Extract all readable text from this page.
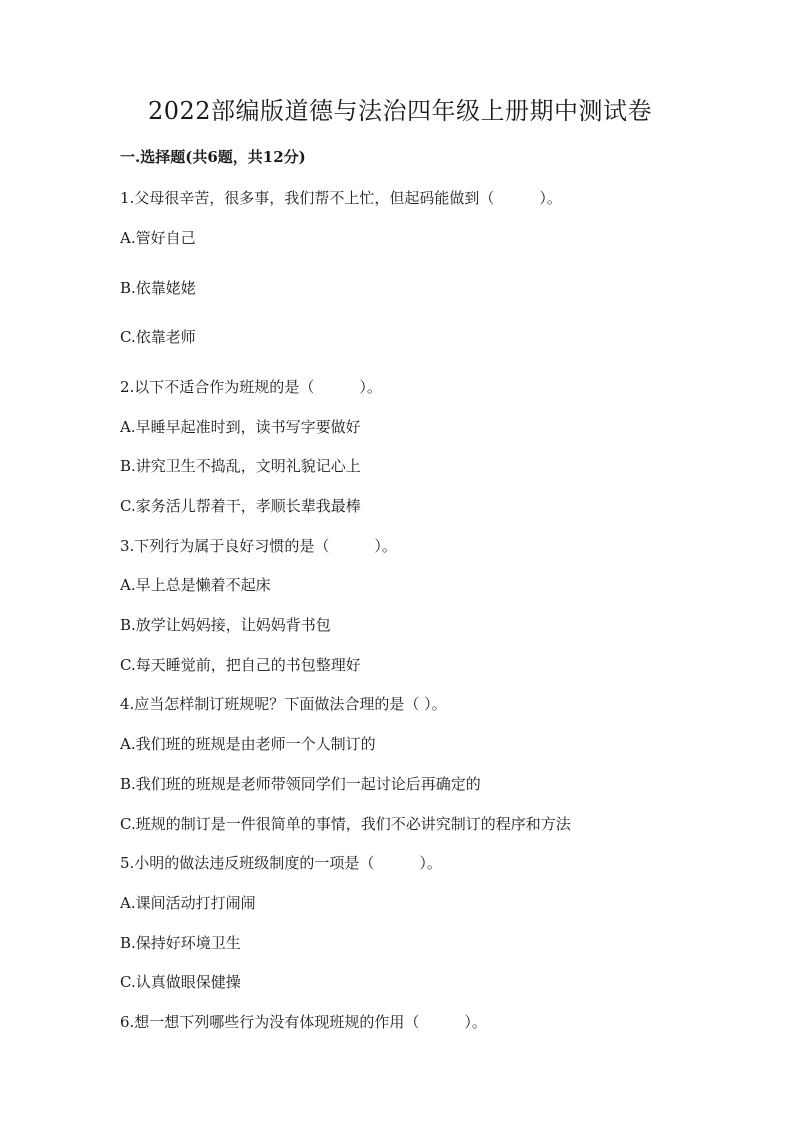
2022部编版道德与法治四年级上册期中测试卷
一.选择题(共6题，共12分)
1.父母很辛苦，很多事，我们帮不上忙，但起码能做到（　　　）。
A.管好自己
B.依靠姥姥
C.依靠老师
2.以下不适合作为班规的是（　　　）。
A.早睡早起准时到，读书写字要做好
B.讲究卫生不捣乱，文明礼貌记心上
C.家务活儿帮着干，孝顺长辈我最棒
3.下列行为属于良好习惯的是（　　　）。
A.早上总是懒着不起床
B.放学让妈妈接，让妈妈背书包
C.每天睡觉前，把自己的书包整理好
4.应当怎样制订班规呢？下面做法合理的是（ ）。
A.我们班的班规是由老师一个人制订的
B.我们班的班规是老师带领同学们一起讨论后再确定的
C.班规的制订是一件很简单的事情，我们不必讲究制订的程序和方法
5.小明的做法违反班级制度的一项是（　　　）。
A.课间活动打打闹闹
B.保持好环境卫生
C.认真做眼保健操
6.想一想下列哪些行为没有体现班规的作用（　　　）。
